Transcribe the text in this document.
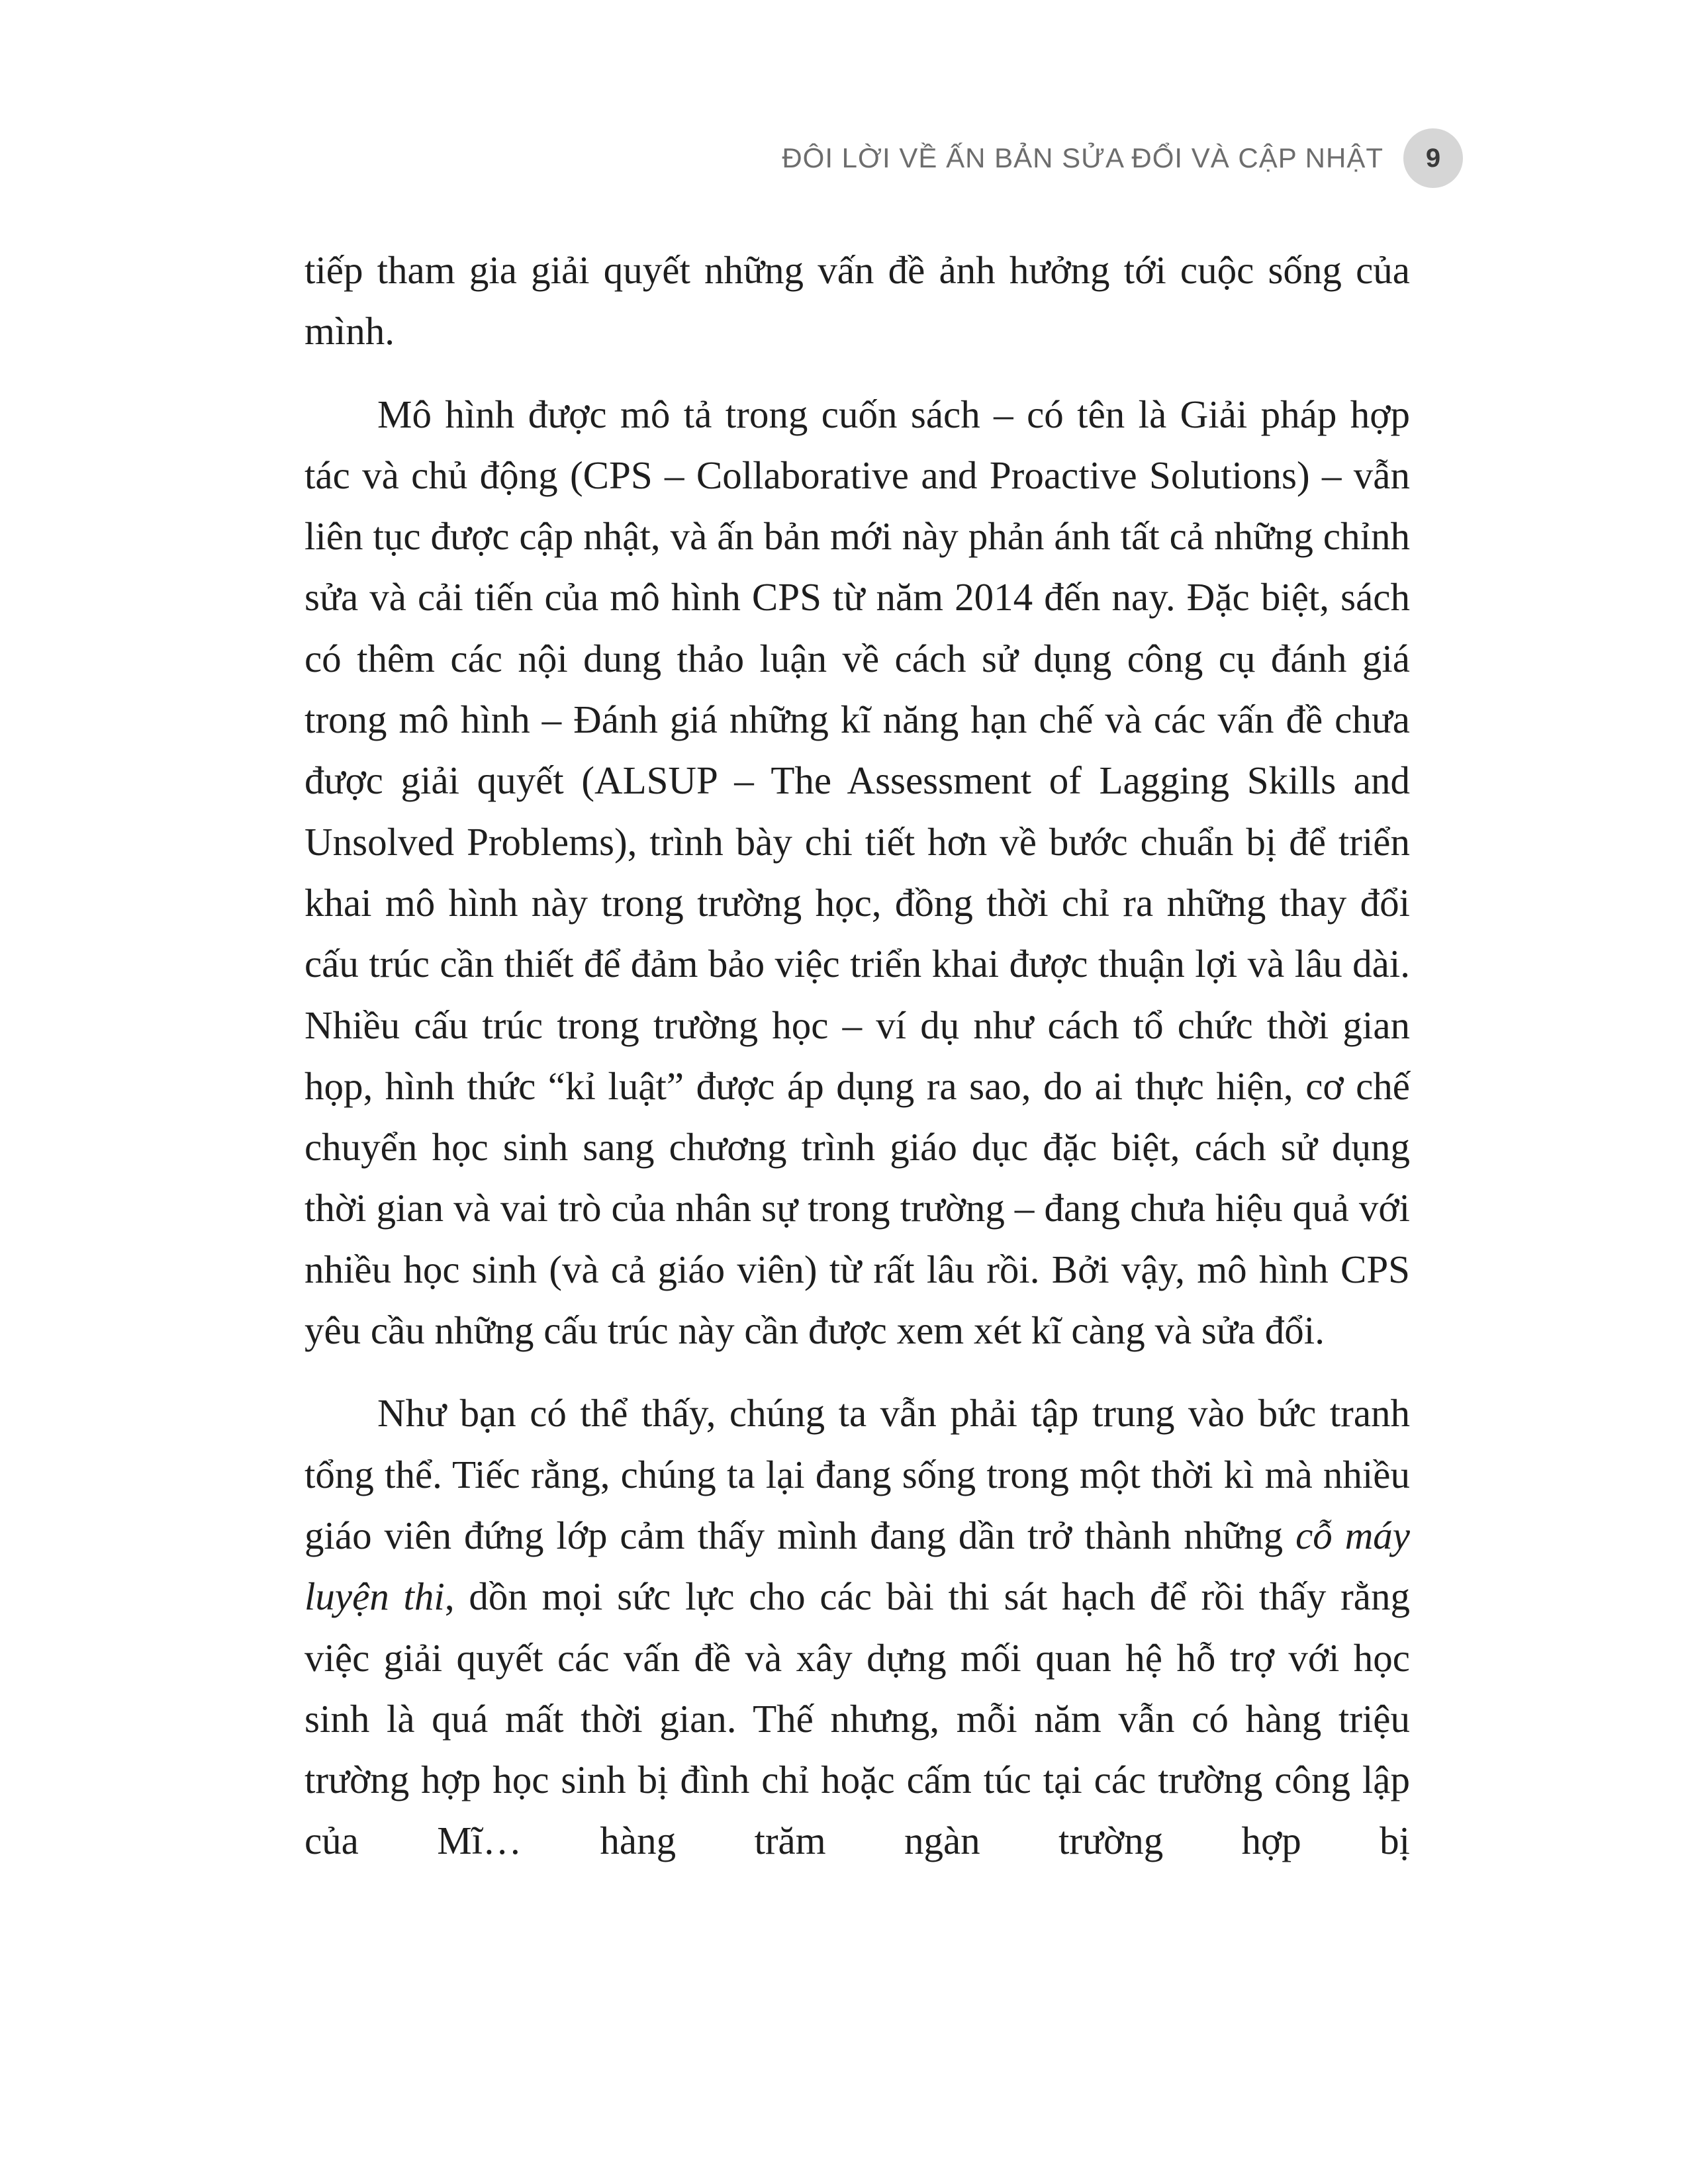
ĐÔI LỜI VỀ ẤN BẢN SỬA ĐỔI VÀ CẬP NHẬT	9

tiếp tham gia giải quyết những vấn đề ảnh hưởng tới cuộc sống của mình.

Mô hình được mô tả trong cuốn sách – có tên là Giải pháp hợp tác và chủ động (CPS – Collaborative and Proactive Solutions) – vẫn liên tục được cập nhật, và ấn bản mới này phản ánh tất cả những chỉnh sửa và cải tiến của mô hình CPS từ năm 2014 đến nay. Đặc biệt, sách có thêm các nội dung thảo luận về cách sử dụng công cụ đánh giá trong mô hình – Đánh giá những kĩ năng hạn chế và các vấn đề chưa được giải quyết (ALSUP – The Assessment of Lagging Skills and Unsolved Problems), trình bày chi tiết hơn về bước chuẩn bị để triển khai mô hình này trong trường học, đồng thời chỉ ra những thay đổi cấu trúc cần thiết để đảm bảo việc triển khai được thuận lợi và lâu dài. Nhiều cấu trúc trong trường học – ví dụ như cách tổ chức thời gian họp, hình thức “kỉ luật” được áp dụng ra sao, do ai thực hiện, cơ chế chuyển học sinh sang chương trình giáo dục đặc biệt, cách sử dụng thời gian và vai trò của nhân sự trong trường – đang chưa hiệu quả với nhiều học sinh (và cả giáo viên) từ rất lâu rồi. Bởi vậy, mô hình CPS yêu cầu những cấu trúc này cần được xem xét kĩ càng và sửa đổi.

Như bạn có thể thấy, chúng ta vẫn phải tập trung vào bức tranh tổng thể. Tiếc rằng, chúng ta lại đang sống trong một thời kì mà nhiều giáo viên đứng lớp cảm thấy mình đang dần trở thành những cỗ máy luyện thi, dồn mọi sức lực cho các bài thi sát hạch để rồi thấy rằng việc giải quyết các vấn đề và xây dựng mối quan hệ hỗ trợ với học sinh là quá mất thời gian. Thế nhưng, mỗi năm vẫn có hàng triệu trường hợp học sinh bị đình chỉ hoặc cấm túc tại các trường công lập của Mĩ… hàng trăm ngàn trường hợp bị
